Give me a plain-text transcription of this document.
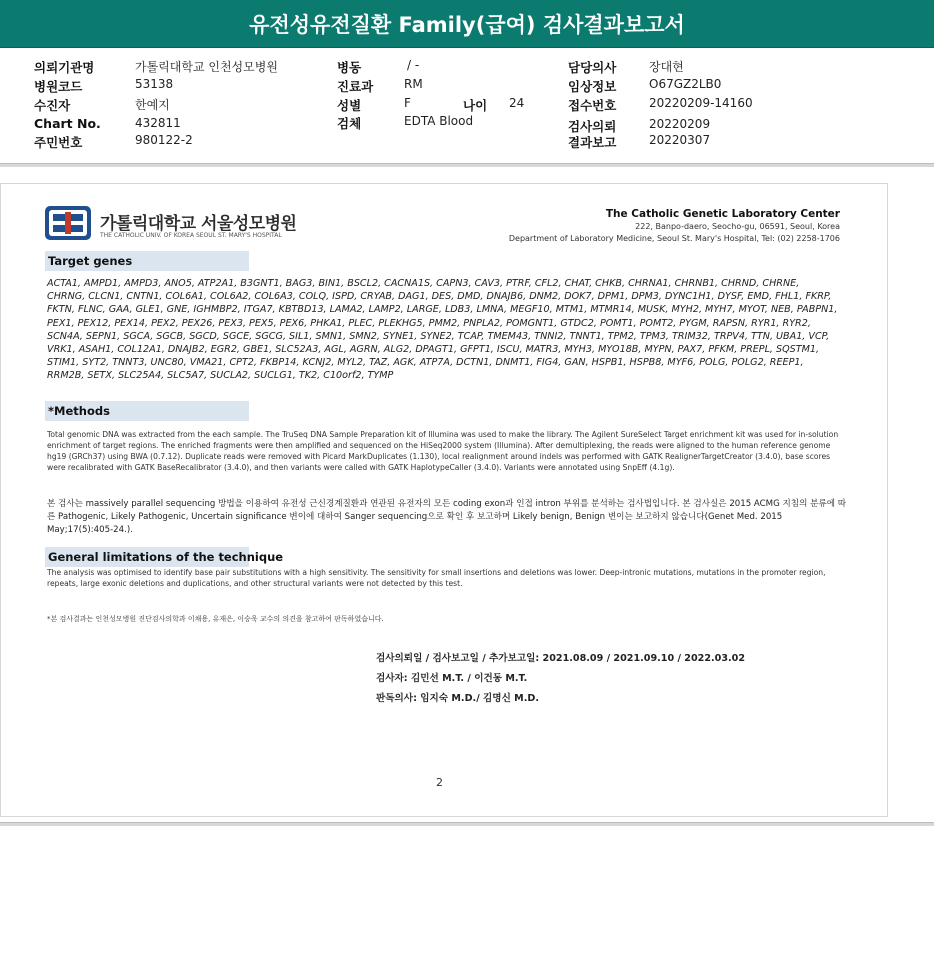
유전성유전질환 Family(급여) 검사결과보고서
의뢰기관명	가톨릭대학교 인천성모병원
병원코드	53138
수진자	한예지
Chart No.	432811
주민번호	980122-2
병동	/ -
진료과	RM
성별	F	나이 24
검체	EDTA Blood
담당의사	장대현
임상정보	O67GZ2LB0
접수번호	20220209-14160
검사의뢰	20220209
결과보고	20220307
가톨릭대학교 서울성모병원
THE CATHOLIC UNIV. OF KOREA SEOUL ST. MARY'S HOSPITAL
The Catholic Genetic Laboratory Center
222, Banpo-daero, Seocho-gu, 06591, Seoul, Korea
Department of Laboratory Medicine, Seoul St. Mary's Hospital, Tel: (02) 2258-1706
Target genes
ACTA1, AMPD1, AMPD3, ANO5, ATP2A1, B3GNT1, BAG3, BIN1, BSCL2, CACNA1S, CAPN3, CAV3, PTRF, CFL2, CHAT, CHKB, CHRNA1, CHRNB1, CHRND, CHRNE, CHRNG, CLCN1, CNTN1, COL6A1, COL6A2, COL6A3, COLQ, ISPD, CRYAB, DAG1, DES, DMD, DNAJB6, DNM2, DOK7, DPM1, DPM3, DYNC1H1, DYSF, EMD, FHL1, FKRP, FKTN, FLNC, GAA, GLE1, GNE, IGHMBP2, ITGA7, KBTBD13, LAMA2, LAMP2, LARGE, LDB3, LMNA, MEGF10, MTM1, MTMR14, MUSK, MYH2, MYH7, MYOT, NEB, PABPN1, PEX1, PEX12, PEX14, PEX2, PEX26, PEX3, PEX5, PEX6, PHKA1, PLEC, PLEKHG5, PMM2, PNPLA2, POMGNT1, GTDC2, POMT1, POMT2, PYGM, RAPSN, RYR1, RYR2, SCN4A, SEPN1, SGCA, SGCB, SGCD, SGCE, SGCG, SIL1, SMN1, SMN2, SYNE1, SYNE2, TCAP, TMEM43, TNNI2, TNNT1, TPM2, TPM3, TRIM32, TRPV4, TTN, UBA1, VCP, VRK1, ASAH1, COL12A1, DNAJB2, EGR2, GBE1, SLC52A3, AGL, AGRN, ALG2, DPAGT1, GFPT1, ISCU, MATR3, MYH3, MYO18B, MYPN, PAX7, PFKM, PREPL, SQSTM1, STIM1, SYT2, TNNT3, UNC80, VMA21, CPT2, FKBP14, KCNJ2, MYL2, TAZ, AGK, ATP7A, DCTN1, DNMT1, FIG4, GAN, HSPB1, HSPB8, MYF6, POLG, POLG2, REEP1, RRM2B, SETX, SLC25A4, SLC5A7, SUCLA2, SUCLG1, TK2, C10orf2, TYMP
*Methods
Total genomic DNA was extracted from the each sample. The TruSeq DNA Sample Preparation kit of Illumina was used to make the library. The Agilent SureSelect Target enrichment kit was used for in-solution enrichment of target regions. The enriched fragments were then amplified and sequenced on the HiSeq2000 system (Illumina). After demultiplexing, the reads were aligned to the human reference genome hg19 (GRCh37) using BWA (0.7.12). Duplicate reads were removed with Picard MarkDuplicates (1.130), local realignment around indels was performed with GATK RealignerTargetCreator (3.4.0), base scores were recalibrated with GATK BaseRecalibrator (3.4.0), and then variants were called with GATK HaplotypeCaller (3.4.0). Variants were annotated using SnpEff (4.1g).
본 검사는 massively parallel sequencing 방법을 이용하여 유전성 근신경계질환과 연관된 유전자의 모든 coding exon과 인접 intron 부위를 분석하는 검사법입니다. 본 검사실은 2015 ACMG 지침의 분류에 따른 Pathogenic, Likely Pathogenic, Uncertain significance 변이에 대하여 Sanger sequencing으로 확인 후 보고하며 Likely benign, Benign 변이는 보고하지 않습니다(Genet Med. 2015 May;17(5):405-24.).
General limitations of the technique
The analysis was optimised to identify base pair substitutions with a high sensitivity. The sensitivity for small insertions and deletions was lower. Deep-intronic mutations, mutations in the promoter region, repeats, large exonic deletions and duplications, and other structural variants were not detected by this test.
*본 검사결과는 인천성모병원 진단검사의학과 이채용, 유재은, 이승욱 교수의 의견을 참고하여 판독하였습니다.
검사의뢰일 / 검사보고일 / 추가보고일: 2021.08.09 / 2021.09.10 / 2022.03.02
검사자: 김민선 M.T. / 이건동 M.T.
판독의사: 임지숙 M.D./ 김명신 M.D.
2
